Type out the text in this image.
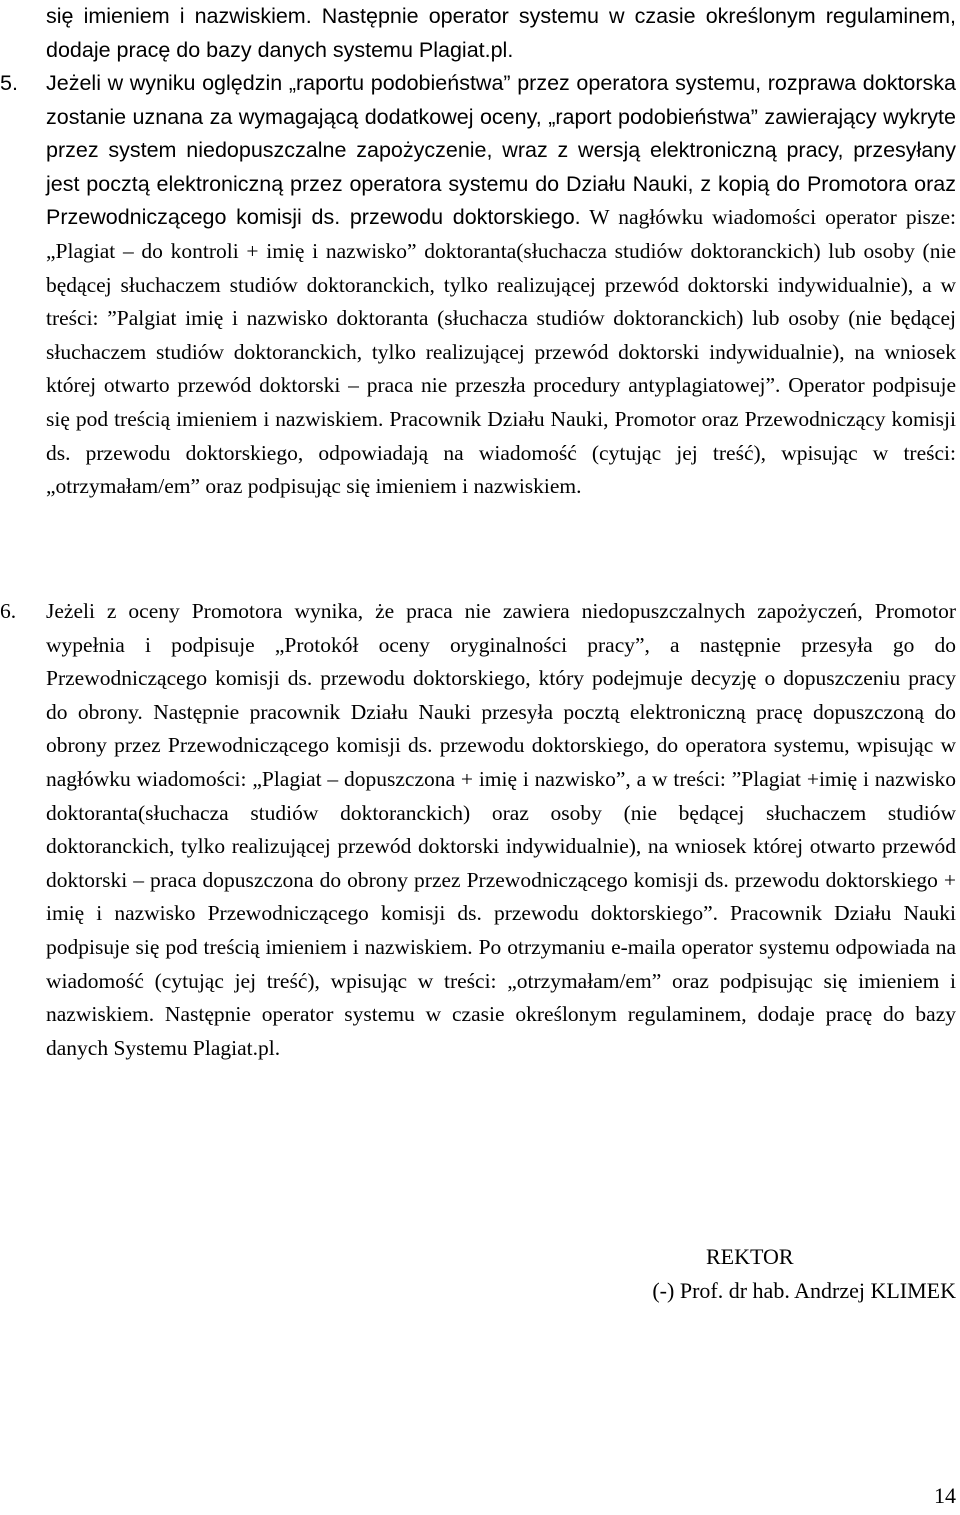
się imieniem i nazwiskiem. Następnie operator systemu w czasie określonym regulaminem, dodaje pracę do bazy danych systemu Plagiat.pl.

5.	Jeżeli w wyniku oględzin „raportu podobieństwa” przez operatora systemu, rozprawa doktorska zostanie uznana za wymagającą dodatkowej oceny, „raport podobieństwa” zawierający wykryte przez system niedopuszczalne zapożyczenie, wraz z wersją elektroniczną pracy, przesyłany jest pocztą elektroniczną przez operatora systemu do Działu Nauki, z kopią do Promotora oraz Przewodniczącego komisji ds. przewodu doktorskiego. W nagłówku wiadomości operator pisze: „Plagiat – do kontroli + imię i nazwisko” doktoranta(słuchacza studiów doktoranckich) lub osoby (nie będącej słuchaczem studiów doktoranckich, tylko realizującej przewód doktorski indywidualnie), a w treści: ”Palgiat imię i nazwisko doktoranta (słuchacza studiów doktoranckich) lub osoby (nie będącej słuchaczem studiów doktoranckich, tylko realizującej przewód doktorski indywidualnie), na wniosek której otwarto przewód doktorski – praca nie przeszła procedury antyplagiatowej”. Operator podpisuje się pod treścią imieniem i nazwiskiem. Pracownik Działu Nauki, Promotor oraz Przewodniczący komisji ds. przewodu doktorskiego, odpowiadają na wiadomość (cytując jej treść), wpisując w treści: „otrzymałam/em” oraz podpisując się imieniem i nazwiskiem.

6.	Jeżeli z oceny Promotora wynika, że praca nie zawiera niedopuszczalnych zapożyczeń, Promotor wypełnia i podpisuje „Protokół oceny oryginalności pracy”, a następnie przesyła go do Przewodniczącego komisji ds. przewodu doktorskiego, który podejmuje decyzję o dopuszczeniu pracy do obrony. Następnie pracownik Działu Nauki przesyła pocztą elektroniczną pracę dopuszczoną do obrony przez Przewodniczącego komisji ds. przewodu doktorskiego, do operatora systemu, wpisując w nagłówku wiadomości: „Plagiat – dopuszczona + imię i nazwisko”, a w treści: ”Plagiat +imię i nazwisko doktoranta(słuchacza studiów doktoranckich) oraz osoby (nie będącej słuchaczem studiów doktoranckich, tylko realizującej przewód doktorski indywidualnie), na wniosek której otwarto przewód doktorski – praca dopuszczona do obrony przez Przewodniczącego komisji ds. przewodu doktorskiego + imię i nazwisko Przewodniczącego komisji ds. przewodu doktorskiego”. Pracownik Działu Nauki podpisuje się pod treścią imieniem i nazwiskiem. Po otrzymaniu e-maila operator systemu odpowiada na wiadomość (cytując jej treść), wpisując w treści: „otrzymałam/em” oraz podpisując się imieniem i nazwiskiem. Następnie operator systemu w czasie określonym regulaminem, dodaje pracę do bazy danych Systemu Plagiat.pl.

REKTOR
(-) Prof. dr hab. Andrzej KLIMEK
14
